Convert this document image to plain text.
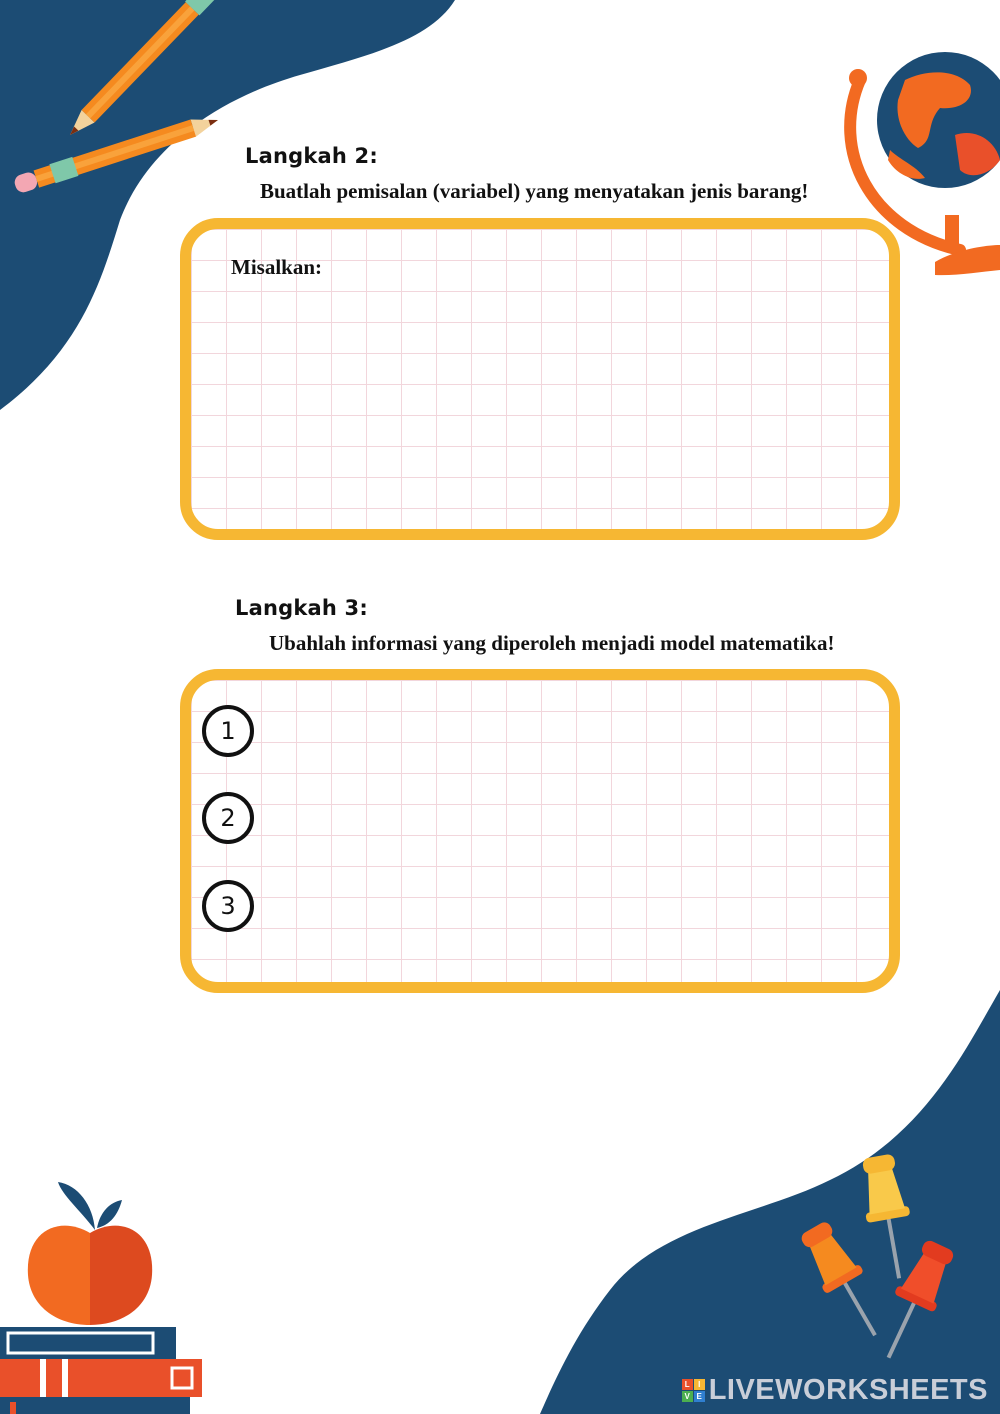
Langkah 2:
Buatlah pemisalan (variabel) yang menyatakan jenis barang!
Misalkan:
Langkah 3:
Ubahlah informasi yang diperoleh menjadi model matematika!
1
2
3
L	I
V E LIVEWORKSHEETS
